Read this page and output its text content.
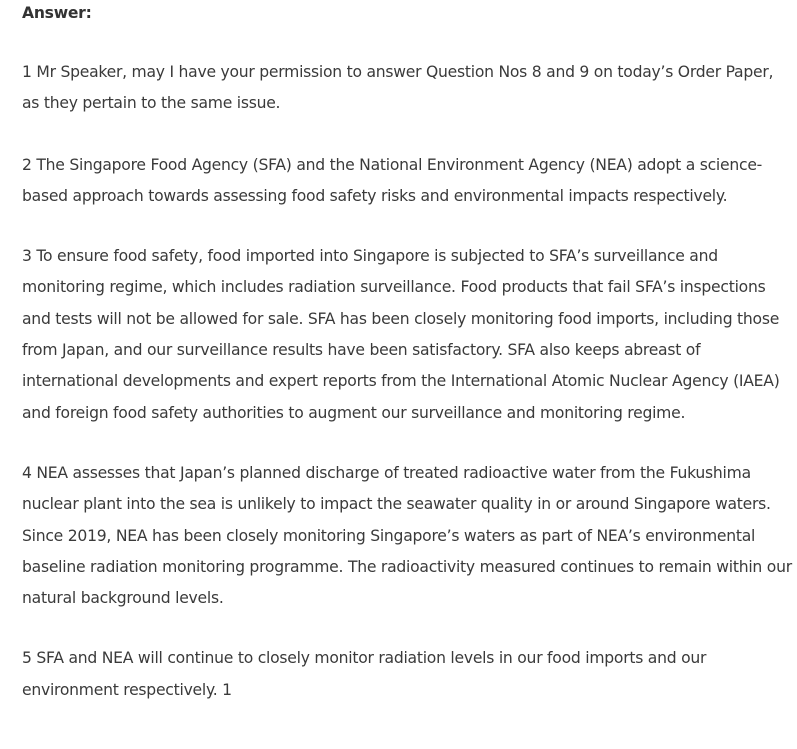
Answer:

1 Mr Speaker, may I have your permission to answer Question Nos 8 and 9 on today’s Order Paper, as they pertain to the same issue.

2 The Singapore Food Agency (SFA) and the National Environment Agency (NEA) adopt a science-based approach towards assessing food safety risks and environmental impacts respectively.

3 To ensure food safety, food imported into Singapore is subjected to SFA’s surveillance and monitoring regime, which includes radiation surveillance. Food products that fail SFA’s inspections and tests will not be allowed for sale. SFA has been closely monitoring food imports, including those from Japan, and our surveillance results have been satisfactory. SFA also keeps abreast of international developments and expert reports from the International Atomic Nuclear Agency (IAEA) and foreign food safety authorities to augment our surveillance and monitoring regime.

4 NEA assesses that Japan’s planned discharge of treated radioactive water from the Fukushima nuclear plant into the sea is unlikely to impact the seawater quality in or around Singapore waters. Since 2019, NEA has been closely monitoring Singapore’s waters as part of NEA’s environmental baseline radiation monitoring programme. The radioactivity measured continues to remain within our natural background levels.

5 SFA and NEA will continue to closely monitor radiation levels in our food imports and our environment respectively. 1
